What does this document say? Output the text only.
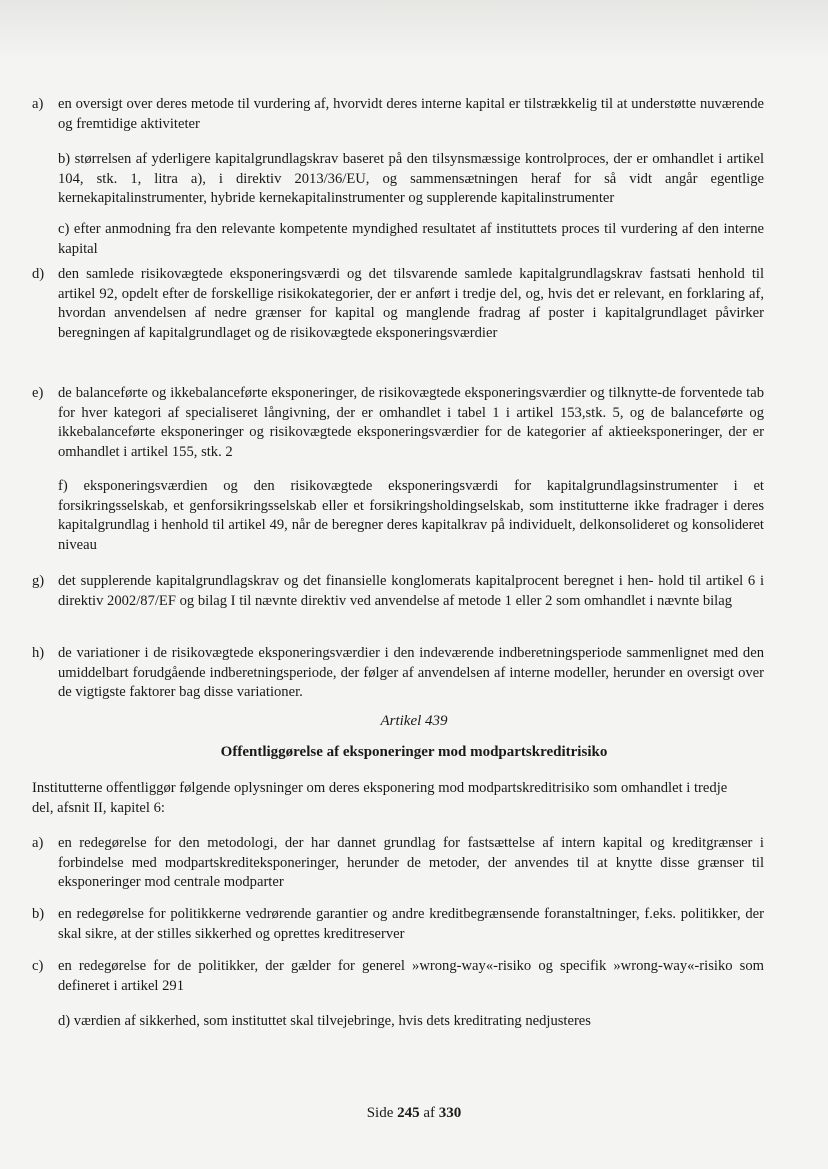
a) en oversigt over deres metode til vurdering af, hvorvidt deres interne kapital er tilstrækkelig til at understøtte nuværende og fremtidige aktiviteter
b) størrelsen af yderligere kapitalgrundlagskrav baseret på den tilsynsmæssige kontrolproces, der er omhandlet i artikel 104, stk. 1, litra a), i direktiv 2013/36/EU, og sammensætningen heraf for så vidt angår egentlige kernekapitalinstrumenter, hybride kernekapitalinstrumenter og supplerende kapitalinstrumenter
c) efter anmodning fra den relevante kompetente myndighed resultatet af instituttets proces til vurdering af den interne kapital
d) den samlede risikovægtede eksponeringsværdi og det tilsvarende samlede kapitalgrundlagskrav fastsati henhold til artikel 92, opdelt efter de forskellige risikokategorier, der er anført i tredje del, og, hvis det er relevant, en forklaring af, hvordan anvendelsen af nedre grænser for kapital og manglende fradrag af poster i kapitalgrundlaget påvirker beregningen af kapitalgrundlaget og de risikovægtede eksponeringsværdier
e) de balanceførte og ikkebalanceførte eksponeringer, de risikovægtede eksponeringsværdier og tilknytte-de forventede tab for hver kategori af specialiseret långivning, der er omhandlet i tabel 1 i artikel 153,stk. 5, og de balanceførte og ikkebalanceførte eksponeringer og risikovægtede eksponeringsværdier for de kategorier af aktieeksponeringer, der er omhandlet i artikel 155, stk. 2
f) eksponeringsværdien og den risikovægtede eksponeringsværdi for kapitalgrundlagsinstrumenter i et forsikringsselskab, et genforsikringsselskab eller et forsikringsholdingselskab, som institutterne ikke fradrager i deres kapitalgrundlag i henhold til artikel 49, når de beregner deres kapitalkrav på individuelt, delkonsolideret og konsolideret niveau
g) det supplerende kapitalgrundlagskrav og det finansielle konglomerats kapitalprocent beregnet i hen- hold til artikel 6 i direktiv 2002/87/EF og bilag I til nævnte direktiv ved anvendelse af metode 1 eller 2 som omhandlet i nævnte bilag
h) de variationer i de risikovægtede eksponeringsværdier i den indeværende indberetningsperiode sammenlignet med den umiddelbart forudgående indberetningsperiode, der følger af anvendelsen af interne modeller, herunder en oversigt over de vigtigste faktorer bag disse variationer.
Artikel 439
Offentliggørelse af eksponeringer mod modpartskreditrisiko
Institutterne offentliggør følgende oplysninger om deres eksponering mod modpartskreditrisiko som omhandlet i tredje del, afsnit II, kapitel 6:
a) en redegørelse for den metodologi, der har dannet grundlag for fastsættelse af intern kapital og kreditgrænser i forbindelse med modpartskrediteksponeringer, herunder de metoder, der anvendes til at knytte disse grænser til eksponeringer mod centrale modparter
b) en redegørelse for politikkerne vedrørende garantier og andre kreditbegrænsende foranstaltninger, f.eks. politikker, der skal sikre, at der stilles sikkerhed og oprettes kreditreserver
c) en redegørelse for de politikker, der gælder for generel »wrong-way«-risiko og specifik »wrong-way«-risiko som defineret i artikel 291
d) værdien af sikkerhed, som instituttet skal tilvejebringe, hvis dets kreditrating nedjusteres
Side 245 af 330
